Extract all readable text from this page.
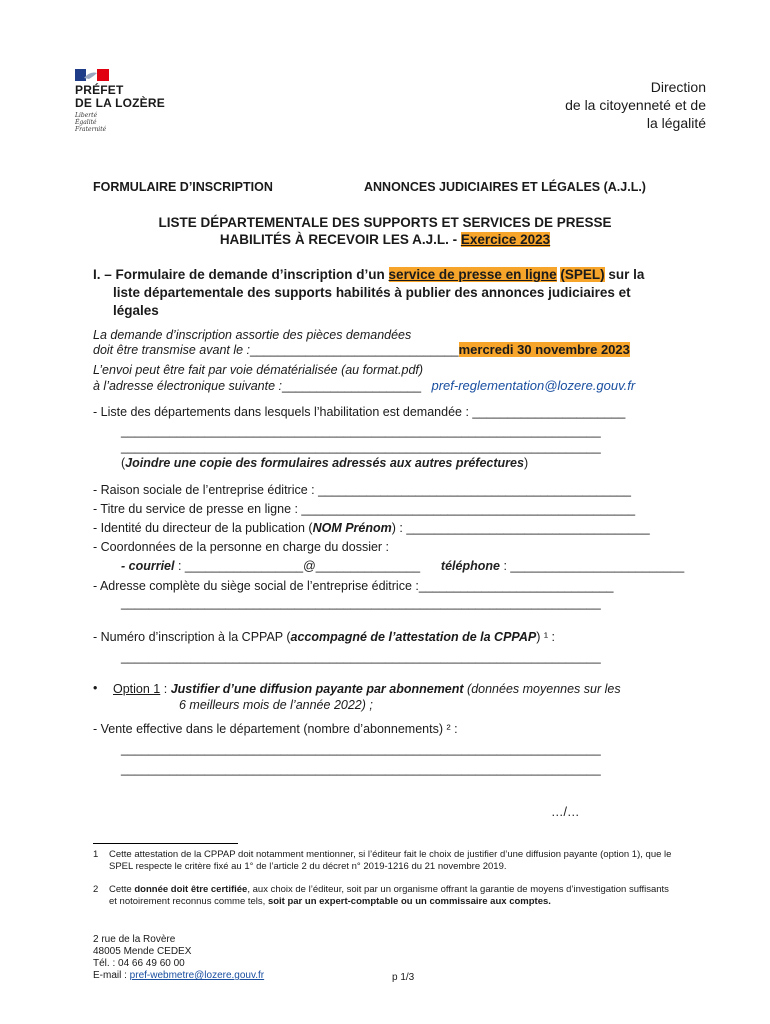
PRÉFET
DE LA LOZÈRE
Liberté
Égalité
Fraternité
Direction
de la citoyenneté et de
la légalité
FORMULAIRE D’INSCRIPTION	ANNONCES JUDICIAIRES ET LÉGALES (A.J.L.)
LISTE DÉPARTEMENTALE DES SUPPORTS ET SERVICES DE PRESSE
HABILITÉS À RECEVOIR LES A.J.L. - Exercice 2023
I. – Formulaire de demande d’inscription d’un service de presse en ligne (SPEL) sur la
liste départementale des supports habilités à publier des annonces judiciaires et
légales
La demande d’inscription assortie des pièces demandées
doit être transmise avant le :______________________________mercredi 30 novembre 2023
L’envoi peut être fait par voie dématérialisée (au format.pdf)
à l’adresse électronique suivante :____________________ pref-reglementation@lozere.gouv.fr
- Liste des départements dans lesquels l’habilitation est demandée : ______________________
_____________________________________________________________________
_____________________________________________________________________
(Joindre une copie des formulaires adressés aux autres préfectures)
- Raison sociale de l’entreprise éditrice : _____________________________________________
- Titre du service de presse en ligne : ________________________________________________
- Identité du directeur de la publication (NOM Prénom) : ___________________________________
- Coordonnées de la personne en charge du dossier :
- courriel : _________________@_______________ téléphone : _________________________
- Adresse complète du siège social de l’entreprise éditrice :____________________________
_____________________________________________________________________
- Numéro d’inscription à la CPPAP (accompagné de l’attestation de la CPPAP) ¹ :
_____________________________________________________________________
• Option 1 : Justifier d’une diffusion payante par abonnement (données moyennes sur les
6 meilleurs mois de l’année 2022) ;
- Vente effective dans le département (nombre d’abonnements) ² :
_____________________________________________________________________
_____________________________________________________________________
…/…
1	Cette attestation de la CPPAP doit notamment mentionner, si l’éditeur fait le choix de justifier d’une diffusion payante (option 1), que le SPEL respecte le critère fixé au 1° de l’article 2 du décret n° 2019-1216 du 21 novembre 2019.
2	Cette donnée doit être certifiée, aux choix de l’éditeur, soit par un organisme offrant la garantie de moyens d’investigation suffisants et notoirement reconnus comme tels, soit par un expert-comptable ou un commissaire aux comptes.
2 rue de la Rovère
48005 Mende CEDEX
Tél. : 04 66 49 60 00
E-mail : pref-webmetre@lozere.gouv.fr	p 1/3
